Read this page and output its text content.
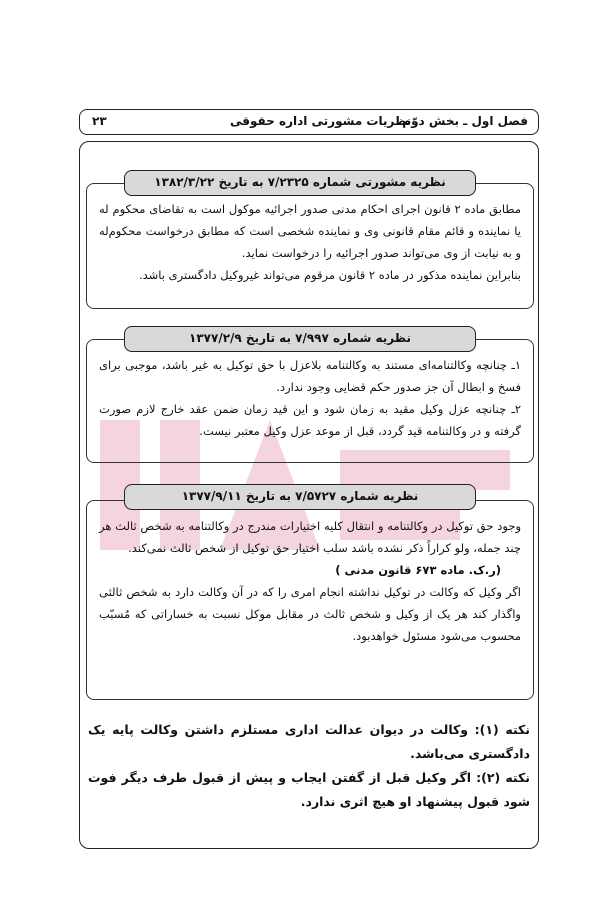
فصل اول ـ بخش دوّم
نظریات مشورتی اداره حقوقی
۲۳

مطابق ماده ۲ قانون اجرای احکام مدنی صدور اجرائیه موکول است به تقاضای محکوم له یا نماینده و قائم مقام قانونی وی و نماینده شخصی است که مطابق درخواست محکوم‌له و به نیابت از وی می‌تواند صدور اجرائیه را درخواست نماید.

بنابراین نماینده مذکور در ماده ۲ قانون مرقوم می‌تواند غیروکیل دادگستری باشد.

نظریه مشورتی شماره ۷/۲۳۲۵ به تاریخ ۱۳۸۲/۳/۲۲

۱ـ چنانچه وکالتنامه‌ای مستند به وکالتنامه بلاعزل با حق توکیل به غیر باشد، موجبی برای فسخ و ابطال آن جز صدور حکم قضایی وجود ندارد.

۲ـ چنانچه عزل وکیل مقید به زمان شود و این قید زمان ضمن عقد خارج لازم صورت گرفته و در وکالتنامه قید گردد، قبل از موعد عزل وکیل معتبر نیست.

نظریه شماره ۷/۹۹۷ به تاریخ ۱۳۷۷/۲/۹

وجود حق توکیل در وکالتنامه و انتقال کلیه اختیارات مندرج در وکالتنامه به شخص ثالث هر چند جمله، ولو کراراً ذکر نشده باشد سلب اختیار حق توکیل از شخص ثالث نمی‌کند.

(ر.ک. ماده ۶۷۳ قانون مدنی )

اگر وکیل که وکالت در توکیل نداشته انجام امری را که در آن وکالت دارد به شخص ثالثی واگذار کند هر یک از وکیل و شخص ثالث در مقابل موکل نسبت به خساراتی که مُسبّب محسوب می‌شود مسئول خواهدبود.

نظریه شماره ۷/۵۷۲۷ به تاریخ ۱۳۷۷/۹/۱۱

نکته (۱): وکالت در دیوان عدالت اداری مستلزم داشتن وکالت پایه یک دادگستری می‌باشد.

نکته (۲): اگر وکیل قبل از گفتن ایجاب و پیش از قبول طرف دیگر فوت شود قبول پیشنهاد او هیچ اثری ندارد.
